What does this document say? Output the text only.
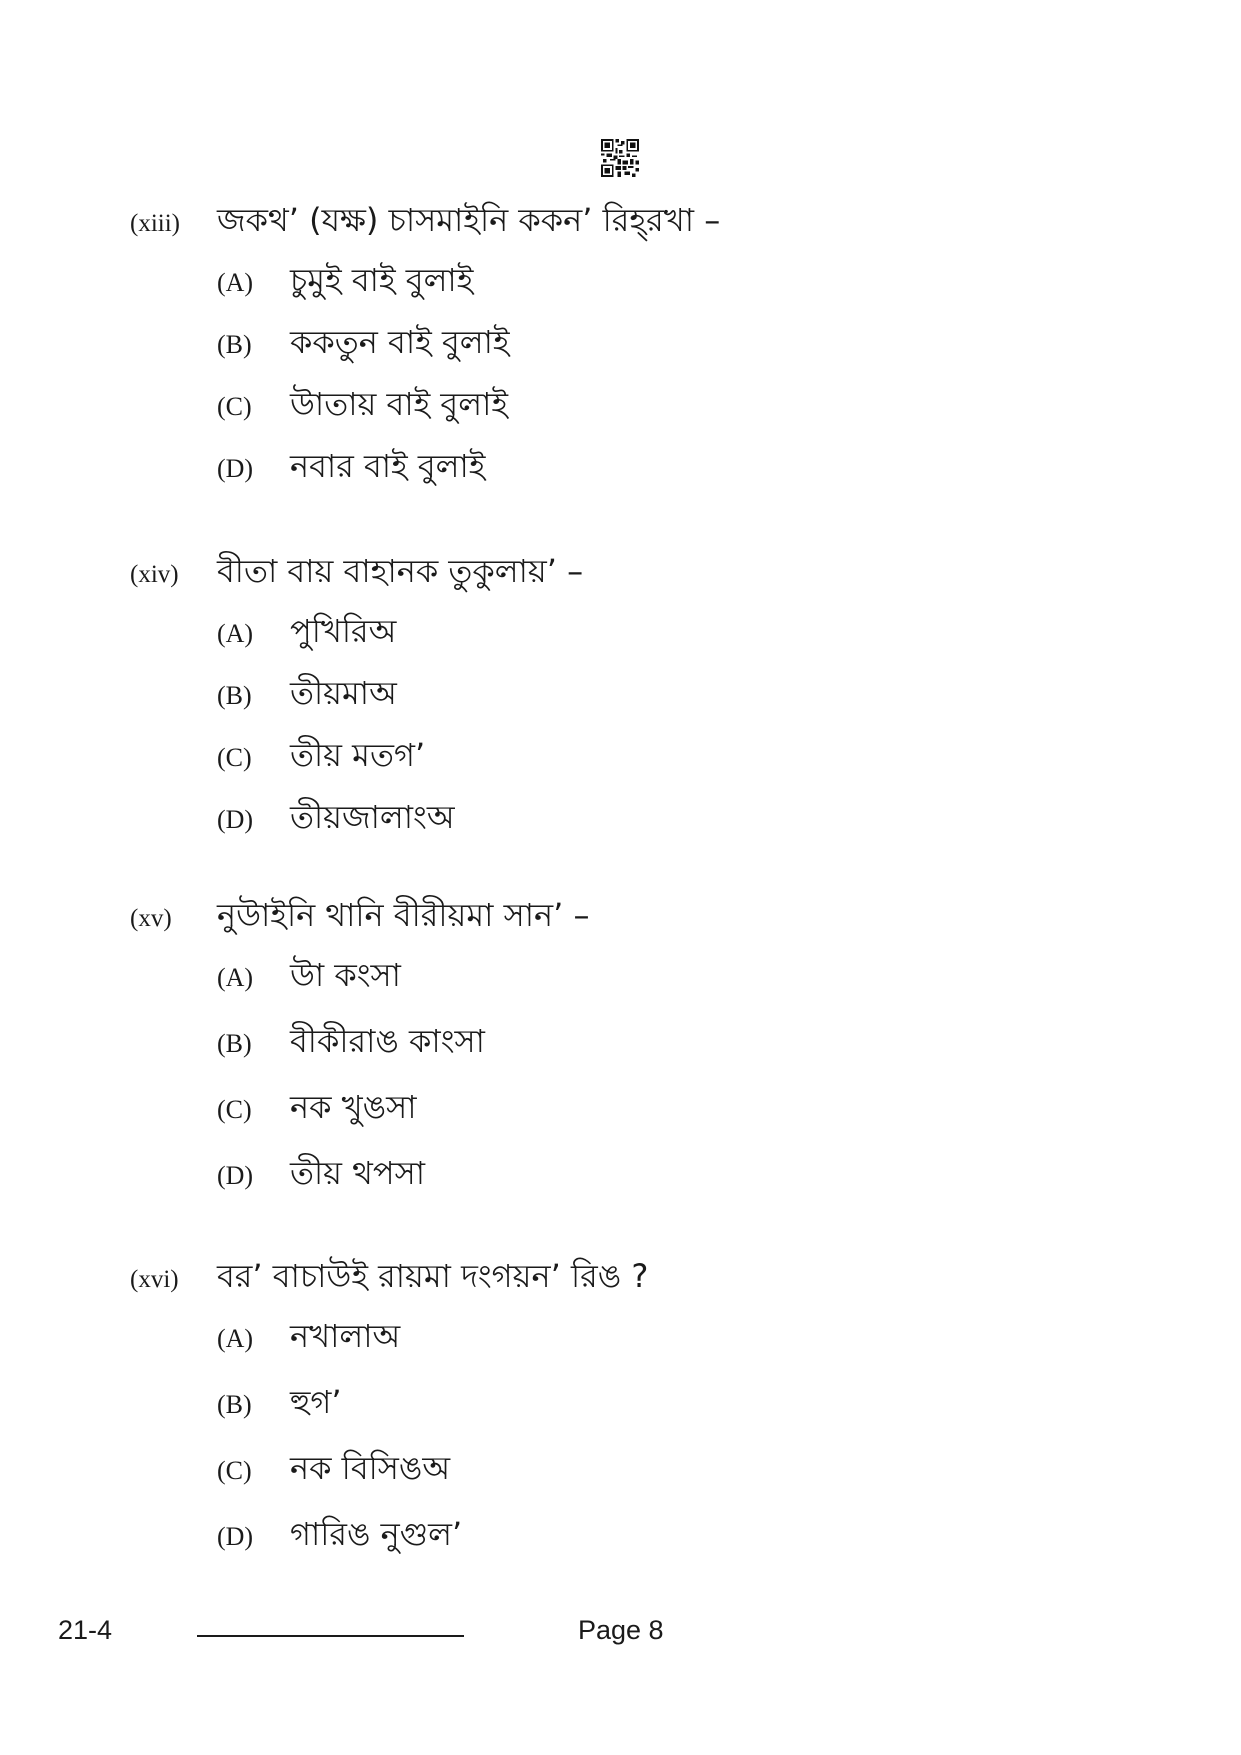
(xiii)	জকথ’ (যক্ষ) চাসমাইনি ককন’ রিহ্‌রখা –
(A)	চুমুই বাই বুলাই
(B)	ককতুন বাই বুলাই
(C)	উাতায় বাই বুলাই
(D)	নবার বাই বুলাই
(xiv)	বীতা বায় বাহানক তুকুলায়’ –
(A)	পুখিরিঅ
(B)	তীয়মাঅ
(C)	তীয় মতগ’
(D)	তীয়জালাংঅ
(xv)	নুউাইনি থানি বীরীয়মা সান’ –
(A)	উা কংসা
(B)	বীকীরাঙ কাংসা
(C)	নক খুঙসা
(D)	তীয় থপসা
(xvi)	বর’ বাচাউই রায়মা দংগয়ন’ রিঙ ?
(A)	নখালাঅ
(B)	হুগ’
(C)	নক বিসিঙঅ
(D)	গারিঙ নুগুল’
21-4	Page 8
